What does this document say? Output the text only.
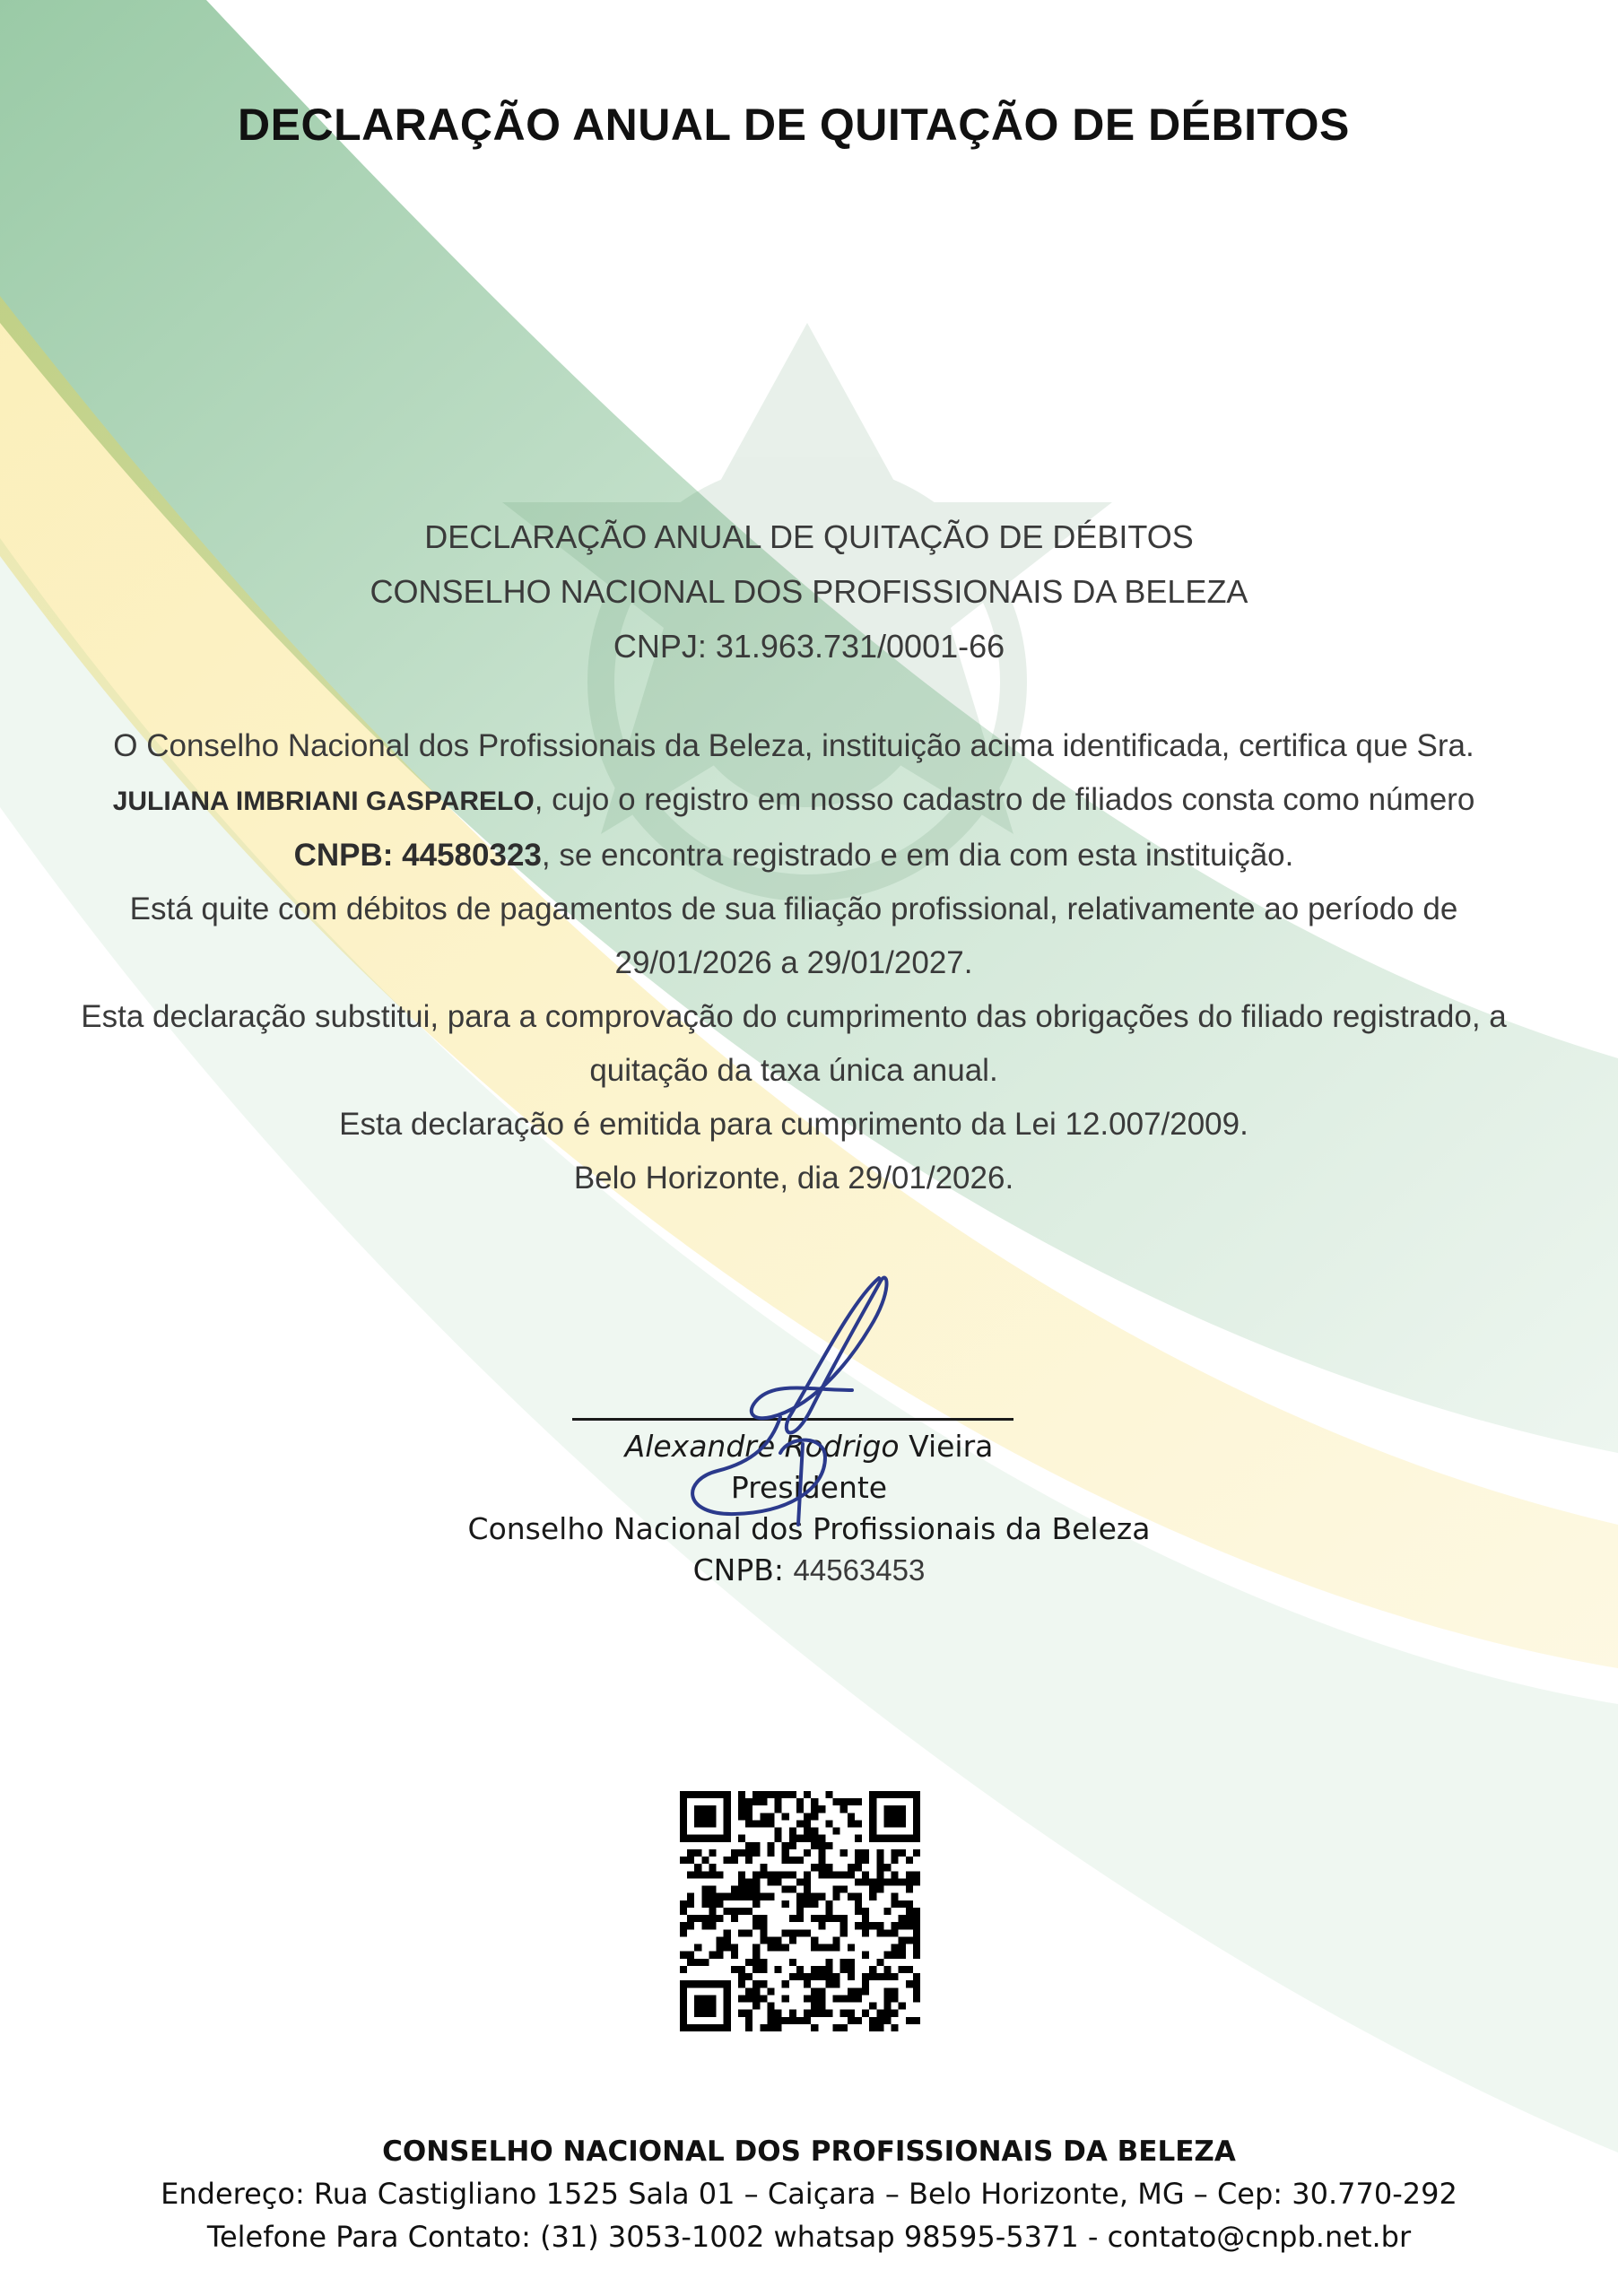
DECLARAÇÃO ANUAL DE QUITAÇÃO DE DÉBITOS
DECLARAÇÃO ANUAL DE QUITAÇÃO DE DÉBITOS
CONSELHO NACIONAL DOS PROFISSIONAIS DA BELEZA
CNPJ: 31.963.731/0001-66

O Conselho Nacional dos Profissionais da Beleza, instituição acima identificada, certifica que Sra. JULIANA IMBRIANI GASPARELO, cujo o registro em nosso cadastro de filiados consta como número CNPB: 44580323, se encontra registrado e em dia com esta instituição.

Está quite com débitos de pagamentos de sua filiação profissional, relativamente ao período de 29/01/2026 a 29/01/2027.

Esta declaração substitui, para a comprovação do cumprimento das obrigações do filiado registrado, a quitação da taxa única anual.

Esta declaração é emitida para cumprimento da Lei 12.007/2009.

Belo Horizonte, dia 29/01/2026.

Alexandre Rodrigo Vieira
Presidente
Conselho Nacional dos Profissionais da Beleza
CNPB: 44563453
CONSELHO NACIONAL DOS PROFISSIONAIS DA BELEZA
Endereço: Rua Castigliano 1525 Sala 01 – Caiçara – Belo Horizonte, MG – Cep: 30.770-292
Telefone Para Contato: (31) 3053-1002 whatsap 98595-5371 - contato@cnpb.net.br
